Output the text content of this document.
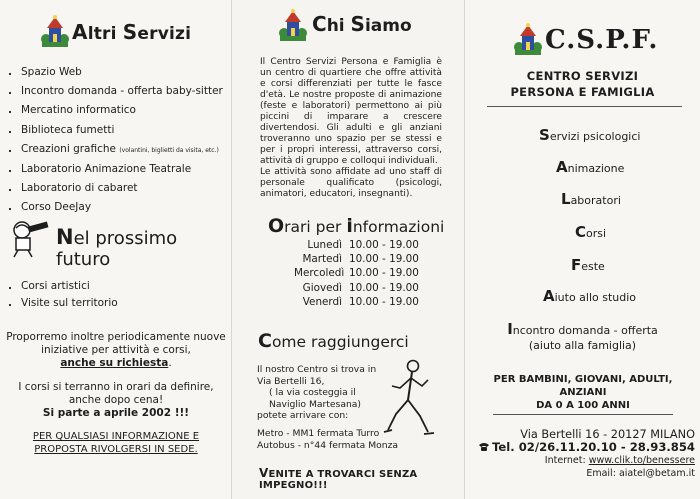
Altri Servizi
. Spazio Web
. Incontro domanda - offerta baby-sitter
. Mercatino informatico
. Biblioteca fumetti
. Creazioni grafiche (volantini, biglietti da visita, etc.)
. Laboratorio Animazione Teatrale
. Laboratorio di cabaret
. Corso DeeJay
Nel prossimo futuro
. Corsi artistici
. Visite sul territorio
Proporremo inoltre periodicamente nuove iniziative per attività e corsi,
anche su richiesta.
I corsi si terranno in orari da definire, anche dopo cena!
Si parte a aprile 2002 !!!
PER QUALSIASI INFORMAZIONE E
PROPOSTA RIVOLGERSI IN SEDE.
Chi Siamo

Il Centro Servizi Persona e Famiglia è un centro di quartiere che offre attività e corsi differenziati per tutte le fasce d'età. Le nostre proposte di animazione (feste e laboratori) permettono ai più piccini di imparare a crescere divertendosi. Gli adulti e gli anziani troveranno uno spazio per se stessi e per i propri interessi, attraverso corsi, attività di gruppo e colloqui individuali.

Le attività sono affidate ad uno staff di personale qualificato (psicologi, animatori, educatori, insegnanti).

Orari per informazioni
Lunedì 10.00 - 19.00
Martedì 10.00 - 19.00
Mercoledì 10.00 - 19.00
Giovedì 10.00 - 19.00
Venerdì 10.00 - 19.00
Come raggiungerci
Il nostro Centro si trova in
Via Bertelli 16,
( la via costeggia il
Naviglio Martesana)
potete arrivare con:
Metro - MM1 fermata Turro
Autobus - n°44 fermata Monza
VENITE A TROVARCI SENZA IMPEGNO!!!
C.S.P.F.
CENTRO SERVIZI
PERSONA E FAMIGLIA
Servizi psicologici
Animazione
Laboratori
Corsi
Feste
Aiuto allo studio
Incontro domanda - offerta
(aiuto alla famiglia)
PER BAMBINI, GIOVANI, ADULTI, ANZIANI
DA 0 A 100 ANNI
Via Bertelli 16 - 20127 MILANO
Tel. 02/26.11.20.10 - 28.93.854
Internet: www.clik.to/benessere
Email: aiatel@betam.it
